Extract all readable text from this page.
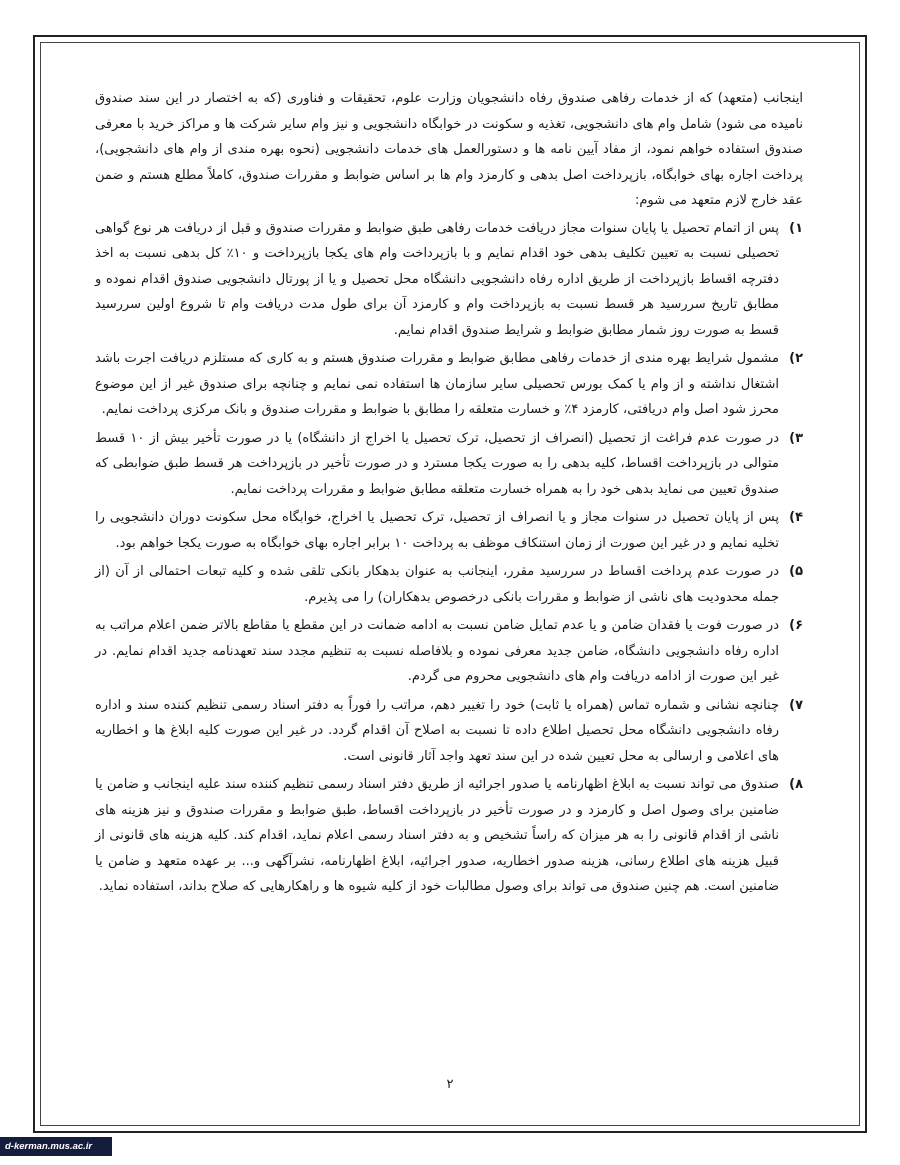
اینجانب (متعهد) که از خدمات رفاهی صندوق رفاه دانشجویان وزارت علوم، تحقیقات و فناوری (که به اختصار در این سند صندوق نامیده می شود) شامل وام های دانشجویی، تغذیه و سکونت در خوابگاه دانشجویی و نیز وام سایر شرکت ها و مراکز خرید با معرفی صندوق استفاده خواهم نمود، از مفاد آیین نامه ها و دستورالعمل های خدمات دانشجویی (نحوه بهره مندی از وام های دانشجویی)، پرداخت اجاره بهای خوابگاه، بازپرداخت اصل بدهی و کارمزد وام ها بر اساس ضوابط و مقررات صندوق، کاملاً مطلع هستم و ضمن عقد خارج لازم متعهد می شوم:

١)
پس از اتمام تحصیل یا پایان سنوات مجاز دریافت خدمات رفاهی طبق ضوابط و مقررات صندوق و قبل از دریافت هر نوع گواهی تحصیلی نسبت به تعیین تکلیف بدهی خود اقدام نمایم و با بازپرداخت وام های یکجا بازپرداخت و ١٠٪ کل بدهی نسبت به اخذ دفترچه اقساط بازپرداخت از طریق اداره رفاه دانشجویی دانشگاه محل تحصیل و یا از پورتال دانشجویی صندوق اقدام نموده و مطابق تاریخ سررسید هر قسط نسبت به بازپرداخت وام و کارمزد آن برای طول مدت دریافت وام تا شروع اولین سررسید قسط به صورت روز شمار مطابق ضوابط و شرایط صندوق اقدام نمایم.
٢)
مشمول شرایط بهره مندی از خدمات رفاهی مطابق ضوابط و مقررات صندوق هستم و به کاری که مستلزم دریافت اجرت باشد اشتغال نداشته و از وام یا کمک بورس تحصیلی سایر سازمان ها استفاده نمی نمایم و چنانچه برای صندوق غیر از این موضوع محرز شود اصل وام دریافتی، کارمزد ۴٪ و خسارت متعلقه را مطابق با ضوابط و مقررات صندوق و بانک مرکزی پرداخت نمایم.
٣)
در صورت عدم فراغت از تحصیل (انصراف از تحصیل، ترک تحصیل یا اخراج از دانشگاه) یا در صورت تأخیر بیش از ١٠ قسط متوالی در بازپرداخت اقساط، کلیه بدهی را به صورت یکجا مسترد و در صورت تأخیر در بازپرداخت هر قسط طبق ضوابطی که صندوق تعیین می نماید بدهی خود را به همراه خسارت متعلقه مطابق ضوابط و مقررات پرداخت نمایم.
۴)
پس از پایان تحصیل در سنوات مجاز و یا انصراف از تحصیل، ترک تحصیل یا اخراج، خوابگاه محل سکونت دوران دانشجویی را تخلیه نمایم و در غیر این صورت از زمان استنکاف موظف به پرداخت ١٠ برابر اجاره بهای خوابگاه به صورت یکجا خواهم بود.
۵)
در صورت عدم پرداخت اقساط در سررسید مقرر، اینجانب به عنوان بدهکار بانکی تلقی شده و کلیه تبعات احتمالی از آن (از جمله محدودیت های ناشی از ضوابط و مقررات بانکی درخصوص بدهکاران) را می پذیرم.
۶)
در صورت فوت یا فقدان ضامن و یا عدم تمایل ضامن نسبت به ادامه ضمانت در این مقطع یا مقاطع بالاتر ضمن اعلام مراتب به اداره رفاه دانشجویی دانشگاه، ضامن جدید معرفی نموده و بلافاصله نسبت به تنظیم مجدد سند تعهدنامه جدید اقدام نمایم. در غیر این صورت از ادامه دریافت وام های دانشجویی محروم می گردم.
٧)
چنانچه نشانی و شماره تماس (همراه یا ثابت) خود را تغییر دهم، مراتب را فوراً به دفتر اسناد رسمی تنظیم کننده سند و اداره رفاه دانشجویی دانشگاه محل تحصیل اطلاع داده تا نسبت به اصلاح آن اقدام گردد. در غیر این صورت کلیه ابلاغ ها و اخطاریه های اعلامی و ارسالی به محل تعیین شده در این سند تعهد واجد آثار قانونی است.
٨)
صندوق می تواند نسبت به ابلاغ اظهارنامه یا صدور اجرائیه از طریق دفتر اسناد رسمی تنظیم کننده سند علیه اینجانب و ضامن یا ضامنین برای وصول اصل و کارمزد و در صورت تأخیر در بازپرداخت اقساط، طبق ضوابط و مقررات صندوق و نیز هزینه های ناشی از اقدام قانونی را به هر میزان که راساً تشخیص و به دفتر اسناد رسمی اعلام نماید، اقدام کند. کلیه هزینه های قانونی از قبیل هزینه های اطلاع رسانی، هزینه صدور اخطاریه، صدور اجرائیه، ابلاغ اظهارنامه، نشرآگهی و... بر عهده متعهد و ضامن یا ضامنین است. هم چنین صندوق می تواند برای وصول مطالبات خود از کلیه شیوه ها و راهکارهایی که صلاح بداند، استفاده نماید.
٢
d-kerman.mus.ac.ir
